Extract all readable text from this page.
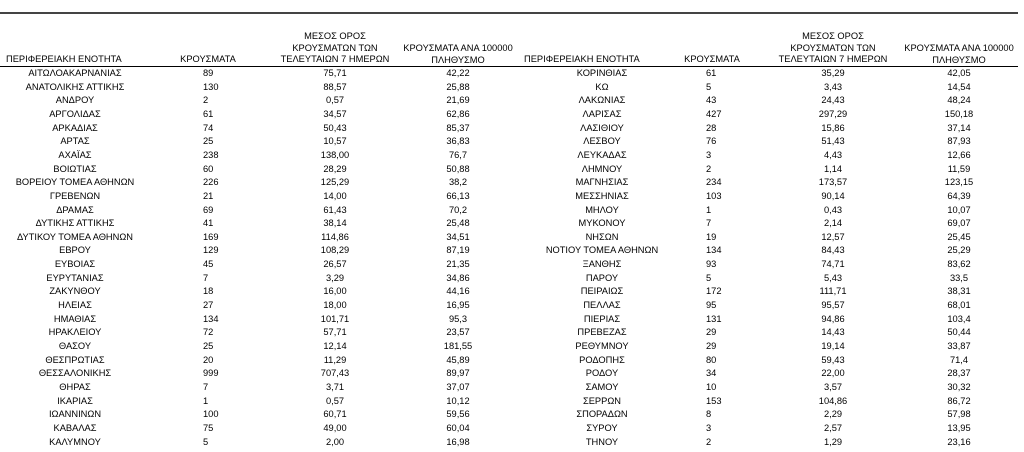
ΠΕΡΙΦΕΡΕΙΑΚΗ ΕΝΟΤΗΤΑ	ΚΡΟΥΣΜΑΤΑ
ΜΕΣΟΣ ΟΡΟΣ
ΚΡΟΥΣΜΑΤΩΝ ΤΩΝ
ΤΕΛΕΥΤΑΙΩΝ 7 ΗΜΕΡΩΝ
ΚΡΟΥΣΜΑΤΑ ΑΝΑ 100000
ΠΛΗΘΥΣΜΟ	ΠΕΡΙΦΕΡΕΙΑΚΗ ΕΝΟΤΗΤΑ	ΚΡΟΥΣΜΑΤΑ
ΜΕΣΟΣ ΟΡΟΣ
ΚΡΟΥΣΜΑΤΩΝ ΤΩΝ
ΤΕΛΕΥΤΑΙΩΝ 7 ΗΜΕΡΩΝ
ΚΡΟΥΣΜΑΤΑ ΑΝΑ 100000
ΠΛΗΘΥΣΜΟ
ΑΙΤΩΛΟΑΚΑΡΝΑΝΙΑΣ	89	75,71	42,22
ΑΝΑΤΟΛΙΚΗΣ ΑΤΤΙΚΗΣ	130	88,57	25,88
ΑΝΔΡΟΥ	2	0,57	21,69
ΑΡΓΟΛΙΔΑΣ	61	34,57	62,86
ΑΡΚΑΔΙΑΣ	74	50,43	85,37
ΑΡΤΑΣ	25	10,57	36,83
ΑΧΑΪΑΣ	238	138,00	76,7
ΒΟΙΩΤΙΑΣ	60	28,29	50,88
ΒΟΡΕΙΟΥ ΤΟΜΕΑ ΑΘΗΝΩΝ	226	125,29	38,2
ΓΡΕΒΕΝΩΝ	21	14,00	66,13
ΔΡΑΜΑΣ	69	61,43	70,2
ΔΥΤΙΚΗΣ ΑΤΤΙΚΗΣ	41	38,14	25,48
ΔΥΤΙΚΟΥ ΤΟΜΕΑ ΑΘΗΝΩΝ	169	114,86	34,51
ΕΒΡΟΥ	129	108,29	87,19
ΕΥΒΟΙΑΣ	45	26,57	21,35
ΕΥΡΥΤΑΝΙΑΣ	7	3,29	34,86
ΖΑΚΥΝΘΟΥ	18	16,00	44,16
ΗΛΕΙΑΣ	27	18,00	16,95
ΗΜΑΘΙΑΣ	134	101,71	95,3
ΗΡΑΚΛΕΙΟΥ	72	57,71	23,57
ΘΑΣΟΥ	25	12,14	181,55
ΘΕΣΠΡΩΤΙΑΣ	20	11,29	45,89
ΘΕΣΣΑΛΟΝΙΚΗΣ	999	707,43	89,97
ΘΗΡΑΣ	7	3,71	37,07
ΙΚΑΡΙΑΣ	1	0,57	10,12
ΙΩΑΝΝΙΝΩΝ	100	60,71	59,56
ΚΑΒΑΛΑΣ	75	49,00	60,04
ΚΑΛΥΜΝΟΥ	5	2,00	16,98
ΚΟΡΙΝΘΙΑΣ	61	35,29	42,05
ΚΩ	5	3,43	14,54
ΛΑΚΩΝΙΑΣ	43	24,43	48,24
ΛΑΡΙΣΑΣ	427	297,29	150,18
ΛΑΣΙΘΙΟΥ	28	15,86	37,14
ΛΕΣΒΟΥ	76	51,43	87,93
ΛΕΥΚΑΔΑΣ	3	4,43	12,66
ΛΗΜΝΟΥ	2	1,14	11,59
ΜΑΓΝΗΣΙΑΣ	234	173,57	123,15
ΜΕΣΣΗΝΙΑΣ	103	90,14	64,39
ΜΗΛΟΥ	1	0,43	10,07
ΜΥΚΟΝΟΥ	7	2,14	69,07
ΝΗΣΩΝ	19	12,57	25,45
ΝΟΤΙΟΥ ΤΟΜΕΑ ΑΘΗΝΩΝ	134	84,43	25,29
ΞΑΝΘΗΣ	93	74,71	83,62
ΠΑΡΟΥ	5	5,43	33,5
ΠΕΙΡΑΙΩΣ	172	111,71	38,31
ΠΕΛΛΑΣ	95	95,57	68,01
ΠΙΕΡΙΑΣ	131	94,86	103,4
ΠΡΕΒΕΖΑΣ	29	14,43	50,44
ΡΕΘΥΜΝΟΥ	29	19,14	33,87
ΡΟΔΟΠΗΣ	80	59,43	71,4
ΡΟΔΟΥ	34	22,00	28,37
ΣΑΜΟΥ	10	3,57	30,32
ΣΕΡΡΩΝ	153	104,86	86,72
ΣΠΟΡΑΔΩΝ	8	2,29	57,98
ΣΥΡΟΥ	3	2,57	13,95
ΤΗΝΟΥ	2	1,29	23,16
